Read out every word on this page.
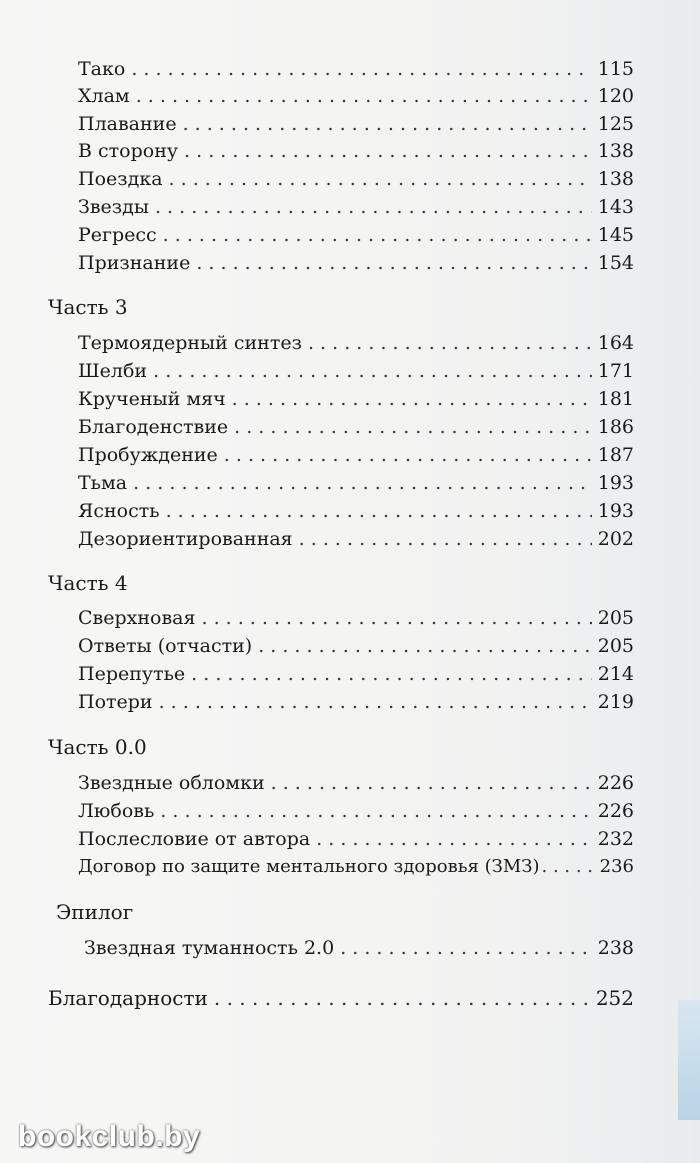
Тако . . .	115
Хлам . . .	120
Плавание . . .	125
В сторону . . .	138
Поездка . . .	138
Звезды . . .	143
Регресс . . .	145
Признание . . .	154
Часть 3
Термоядерный синтез . . .	164
Шелби . . .	171
Крученый мяч . . .	181
Благоденствие . . .	186
Пробуждение . . .	187
Тьма . . .	193
Ясность . . .	193
Дезориентированная . . .	202
Часть 4
Сверхновая . . .	205
Ответы (отчасти) . . .	205
Перепутье . . .	214
Потери . . .	219
Часть 0.0
Звездные обломки . . .	226
Любовь . . .	226
Послесловие от автора . . .	232
Договор по защите ментального здоровья (ЗМЗ) . . .	236
Эпилог
Звездная туманность 2.0 . . .	238
Благодарности . . .	252
bookclub.by
